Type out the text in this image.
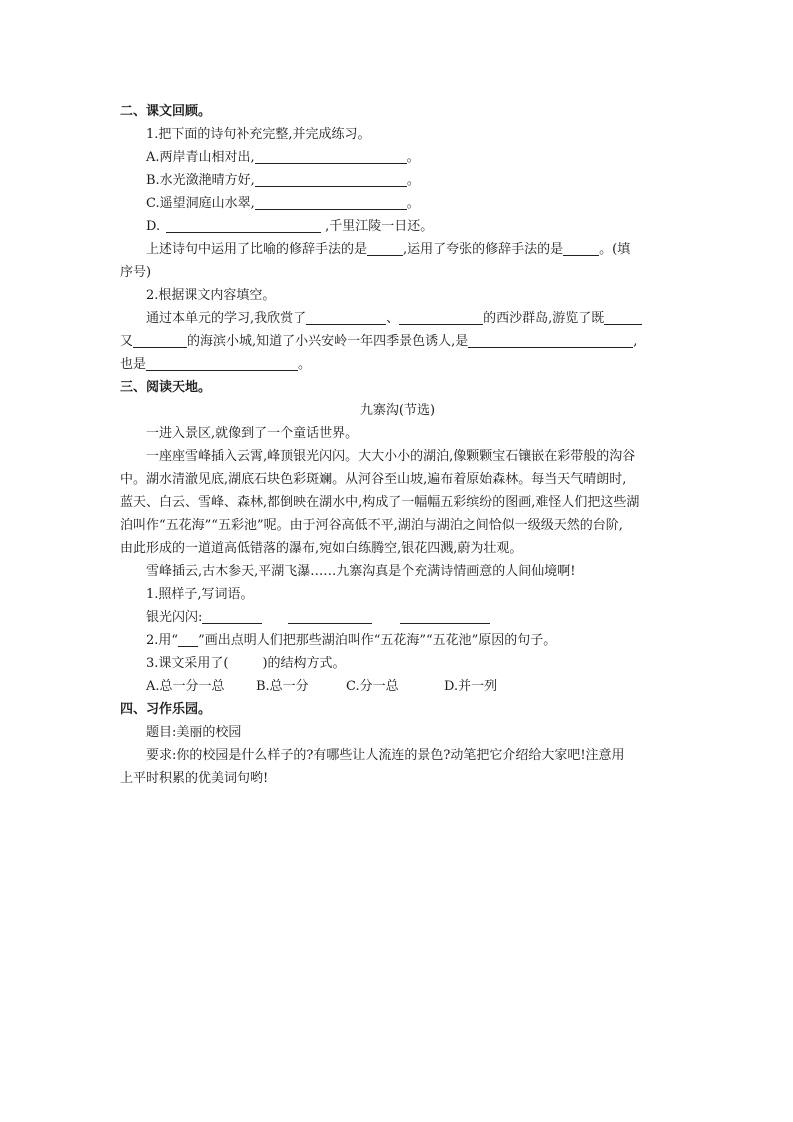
二、课文回顾。
1.把下面的诗句补充完整,并完成练习。
A.两岸青山相对出,	。
B.水光潋滟晴方好,	。
C.遥望洞庭山水翠,	。
D.	,千里江陵一日还。
上述诗句中运用了比喻的修辞手法的是	,运用了夸张的修辞手法的是	。(填
序号)
2.根据课文内容填空。
通过本单元的学习,我欣赏了	、	的西沙群岛,游览了既
又	的海滨小城,知道了小兴安岭一年四季景色诱人,是	,
也是	。
三、阅读天地。
九寨沟(节选)
一进入景区,就像到了一个童话世界。
一座座雪峰插入云霄,峰顶银光闪闪。大大小小的湖泊,像颗颗宝石镶嵌在彩带般的沟谷
中。湖水清澈见底,湖底石块色彩斑斓。从河谷至山坡,遍布着原始森林。每当天气晴朗时,
蓝天、白云、雪峰、森林,都倒映在湖水中,构成了一幅幅五彩缤纷的图画,难怪人们把这些湖
泊叫作“五花海”“五彩池”呢。由于河谷高低不平,湖泊与湖泊之间恰似一级级天然的台阶,
由此形成的一道道高低错落的瀑布,宛如白练腾空,银花四溅,蔚为壮观。
雪峰插云,古木参天,平湖飞瀑……九寨沟真是个充满诗情画意的人间仙境啊!
1.照样子,写词语。
银光闪闪:
2.用“ ”画出点明人们把那些湖泊叫作“五花海”“五花池”原因的句子。
3.课文采用了(	)的结构方式。
A.总一分一总 B.总一分	C.分一总	D.并一列
四、习作乐园。
题目:美丽的校园
要求:你的校园是什么样子的?有哪些让人流连的景色?动笔把它介绍给大家吧!注意用
上平时积累的优美词句哟!
